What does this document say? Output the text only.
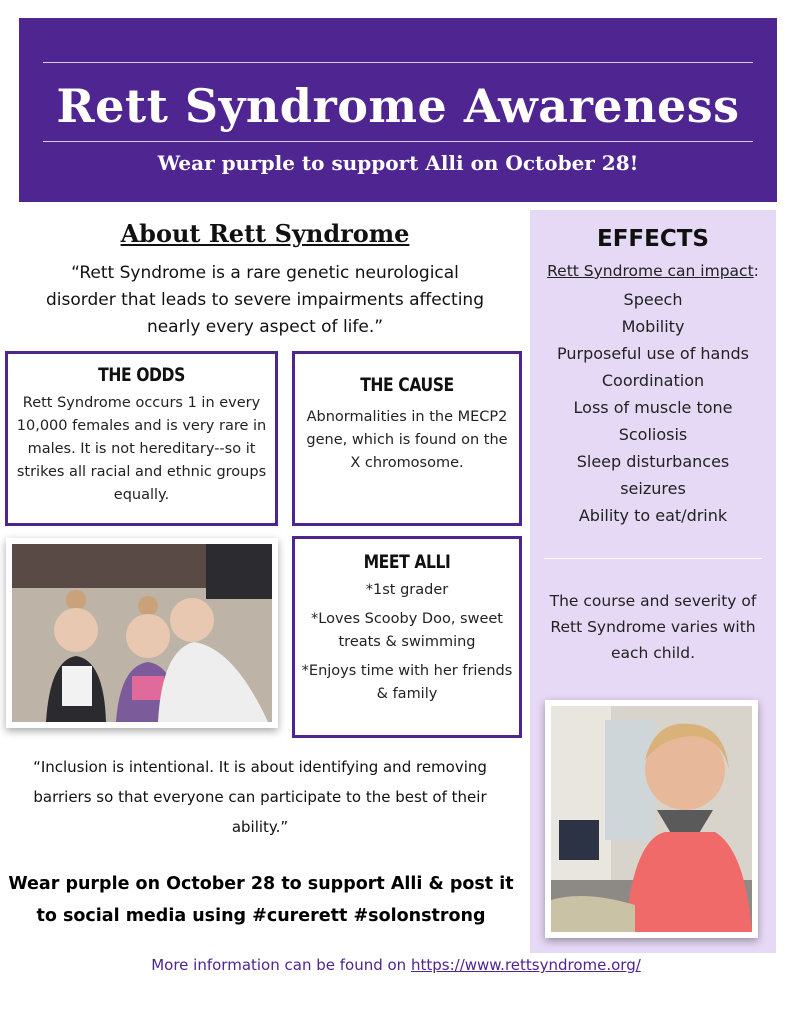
Rett Syndrome Awareness
Wear purple to support Alli on October 28!
About Rett Syndrome
“Rett Syndrome is a rare genetic neurological disorder that leads to severe impairments affecting nearly every aspect of life.”
THE ODDS
Rett Syndrome occurs 1 in every 10,000 females and is very rare in males. It is not hereditary--so it strikes all racial and ethnic groups equally.
THE CAUSE
Abnormalities in the MECP2 gene, which is found on the X chromosome.
MEET ALLI

*1st grader

*Loves Scooby Doo, sweet treats & swimming

*Enjoys time with her friends & family

“Inclusion is intentional. It is about identifying and removing barriers so that everyone can participate to the best of their ability.”
Wear purple on October 28 to support Alli & post it to social media using #curerett #solonstrong
More information can be found on https://www.rettsyndrome.org/
EFFECTS
Rett Syndrome can impact:
Speech
Mobility
Purposeful use of hands
Coordination
Loss of muscle tone
Scoliosis
Sleep disturbances
seizures
Ability to eat/drink
The course and severity of Rett Syndrome varies with each child.
